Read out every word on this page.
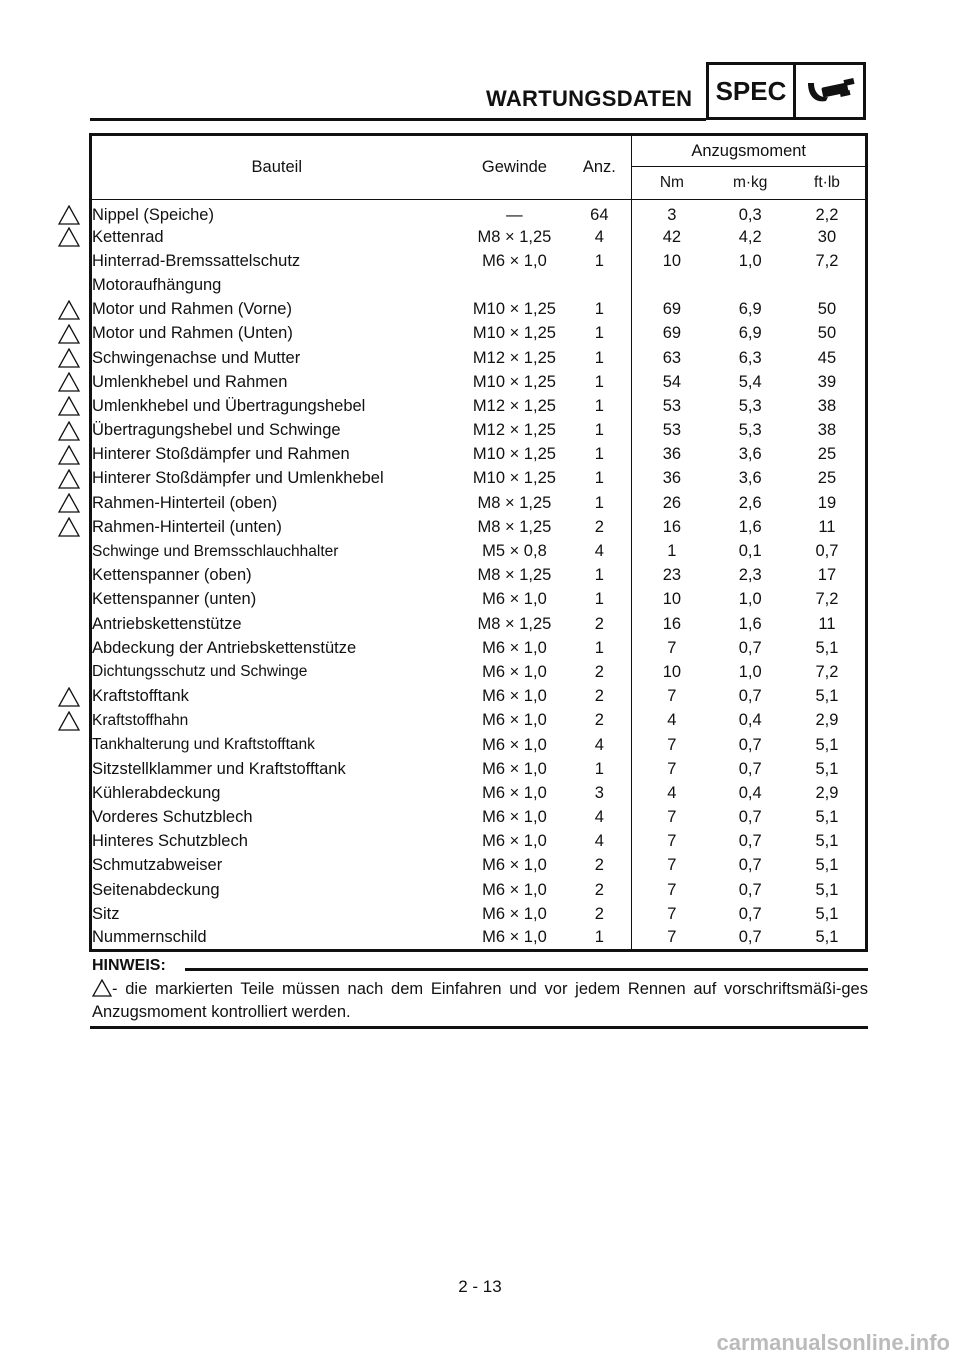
WARTUNGSDATEN SPEC
Bauteil	Gewinde	Anz.	Anzugsmoment		
			Nm	m·kg	ft·lb
Nippel (Speiche)	—	64	3	0,3	2,2
Kettenrad	M8 × 1,25	4	42	4,2	30
Hinterrad-Bremssattelschutz	M6 × 1,0	1	10	1,0	7,2
Motoraufhängung					
Motor und Rahmen (Vorne)	M10 × 1,25	1	69	6,9	50
Motor und Rahmen (Unten)	M10 × 1,25	1	69	6,9	50
Schwingenachse und Mutter	M12 × 1,25	1	63	6,3	45
Umlenkhebel und Rahmen	M10 × 1,25	1	54	5,4	39
Umlenkhebel und Übertragungshebel	M12 × 1,25	1	53	5,3	38
Übertragungshebel und Schwinge	M12 × 1,25	1	53	5,3	38
Hinterer Stoßdämpfer und Rahmen	M10 × 1,25	1	36	3,6	25
Hinterer Stoßdämpfer und Umlenkhebel	M10 × 1,25	1	36	3,6	25
Rahmen-Hinterteil (oben)	M8 × 1,25	1	26	2,6	19
Rahmen-Hinterteil (unten)	M8 × 1,25	2	16	1,6	11
Schwinge und Bremsschlauchhalter	M5 × 0,8	4	1	0,1	0,7
Kettenspanner (oben)	M8 × 1,25	1	23	2,3	17
Kettenspanner (unten)	M6 × 1,0	1	10	1,0	7,2
Antriebskettenstütze	M8 × 1,25	2	16	1,6	11
Abdeckung der Antriebskettenstütze	M6 × 1,0	1	7	0,7	5,1
Dichtungsschutz und Schwinge	M6 × 1,0	2	10	1,0	7,2
Kraftstofftank	M6 × 1,0	2	7	0,7	5,1
Kraftstoffhahn	M6 × 1,0	2	4	0,4	2,9
Tankhalterung und Kraftstofftank	M6 × 1,0	4	7	0,7	5,1
Sitzstellklammer und Kraftstofftank	M6 × 1,0	1	7	0,7	5,1
Kühlerabdeckung	M6 × 1,0	3	4	0,4	2,9
Vorderes Schutzblech	M6 × 1,0	4	7	0,7	5,1
Hinteres Schutzblech	M6 × 1,0	4	7	0,7	5,1
Schmutzabweiser	M6 × 1,0	2	7	0,7	5,1
Seitenabdeckung	M6 × 1,0	2	7	0,7	5,1
Sitz	M6 × 1,0	2	7	0,7	5,1
Nummernschild	M6 × 1,0	1	7	0,7	5,1
HINWEIS:
- die markierten Teile müssen nach dem Einfahren und vor jedem Rennen auf vorschriftsmäßi-ges Anzugsmoment kontrolliert werden.
2 - 13
carmanualsonline.info
